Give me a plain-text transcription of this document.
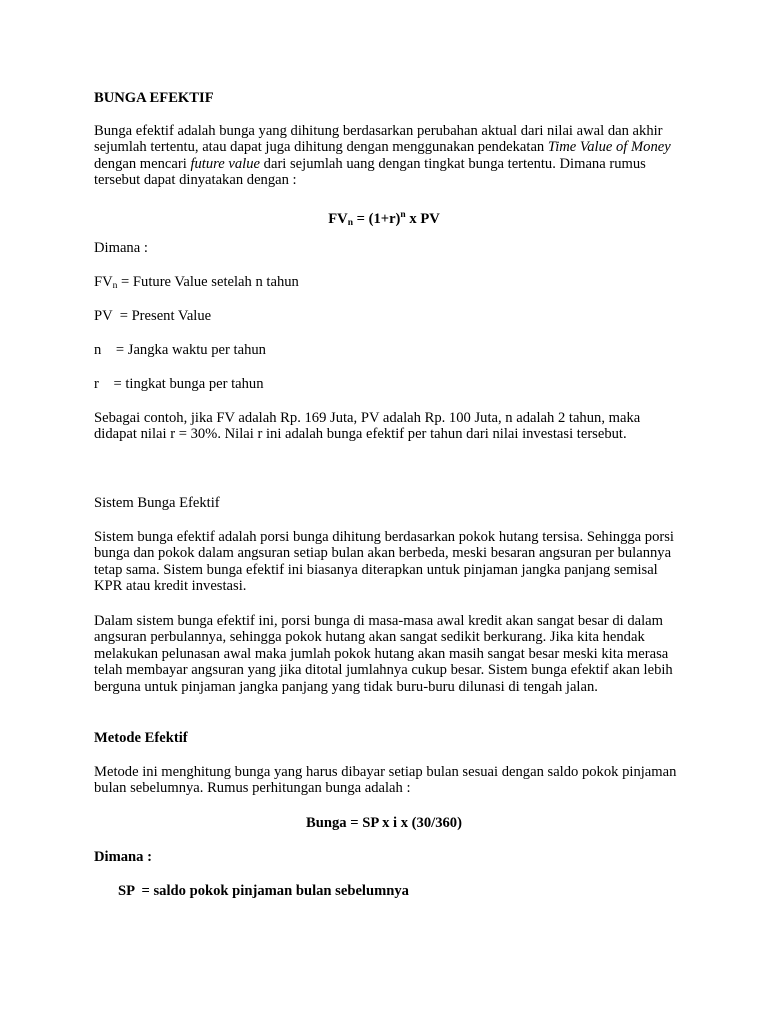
BUNGA EFEKTIF

Bunga efektif adalah bunga yang dihitung berdasarkan perubahan aktual dari nilai awal dan akhir sejumlah tertentu, atau dapat juga dihitung dengan menggunakan pendekatan Time Value of Money dengan mencari future value dari sejumlah uang dengan tingkat bunga tertentu. Dimana rumus tersebut dapat dinyatakan dengan :

$FV_n = (1+r)^n$ x PV

Dimana :

$FV_n$ = Future Value setelah n tahun

PV  = Present Value

n    = Jangka waktu per tahun

r    = tingkat bunga per tahun

Sebagai contoh, jika FV adalah Rp. 169 Juta, PV adalah Rp. 100 Juta, n adalah 2 tahun, maka didapat nilai r = 30%. Nilai r ini adalah bunga efektif per tahun dari nilai investasi tersebut.

Sistem Bunga Efektif

Sistem bunga efektif adalah porsi bunga dihitung berdasarkan pokok hutang tersisa. Sehingga porsi bunga dan pokok dalam angsuran setiap bulan akan berbeda, meski besaran angsuran per bulannya tetap sama. Sistem bunga efektif ini biasanya diterapkan untuk pinjaman jangka panjang semisal KPR atau kredit investasi.

Dalam sistem bunga efektif ini, porsi bunga di masa-masa awal kredit akan sangat besar di dalam angsuran perbulannya, sehingga pokok hutang akan sangat sedikit berkurang. Jika kita hendak melakukan pelunasan awal maka jumlah pokok hutang akan masih sangat besar meski kita merasa telah membayar angsuran yang jika ditotal jumlahnya cukup besar. Sistem bunga efektif akan lebih berguna untuk pinjaman jangka panjang yang tidak buru-buru dilunasi di tengah jalan.

Metode Efektif

Metode ini menghitung bunga yang harus dibayar setiap bulan sesuai dengan saldo pokok pinjaman bulan sebelumnya. Rumus perhitungan bunga adalah :

Bunga = SP x i x (30/360)

Dimana :

SP  = saldo pokok pinjaman bulan sebelumnya
